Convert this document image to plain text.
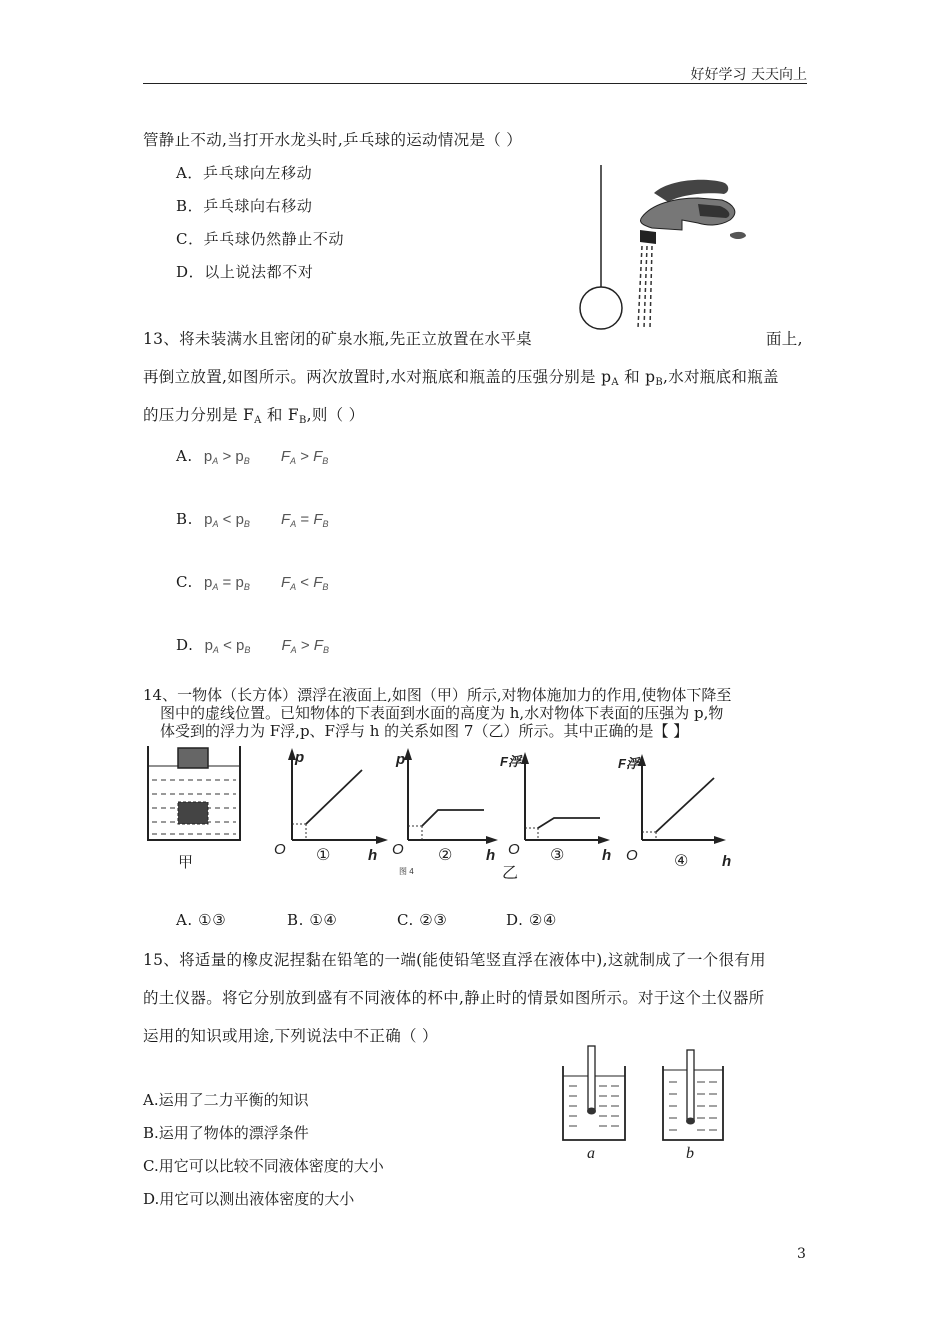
好好学习 天天向上
管静止不动,当打开水龙头时,乒乓球的运动情况是（ ）
A．乒乓球向左移动
B．乒乓球向右移动
C．乒乓球仍然静止不动
D．以上说法都不对
13、将未装满水且密闭的矿泉水瓶,先正立放置在水平桌	面上,
再倒立放置,如图所示。两次放置时,水对瓶底和瓶盖的压强分别是 $p_A$ 和 $p_B$,水对瓶底和瓶盖
的压力分别是 $F_A$ 和 $F_B$,则（ ）
A. $p_A > p_B$ $F_A > F_B$
B. $p_A < p_B$ $F_A = F_B$
C. $p_A = p_B$ $F_A < F_B$
D. $p_A < p_B$ $F_A > F_B$
14、一物体（长方体）漂浮在液面上,如图（甲）所示,对物体施加力的作用,使物体下降至
图中的虚线位置。已知物体的下表面到水面的高度为 h,水对物体下表面的压强为 p,物
体受到的浮力为 F浮,p、F浮与 h 的关系如图 7（乙）所示。其中正确的是【 】
甲
p
O ①	h
p
O ② h
图 4
F浮
O ③	h
乙
F浮
O ④ h
A. ①③	B. ①④	C. ②③	D. ②④
15、将适量的橡皮泥捏黏在铅笔的一端(能使铅笔竖直浮在液体中),这就制成了一个很有用
的土仪器。将它分别放到盛有不同液体的杯中,静止时的情景如图所示。对于这个土仪器所
运用的知识或用途,下列说法中不正确（ ）
A.运用了二力平衡的知识
B.运用了物体的漂浮条件
C.用它可以比较不同液体密度的大小
D.用它可以测出液体密度的大小
a	b
3
